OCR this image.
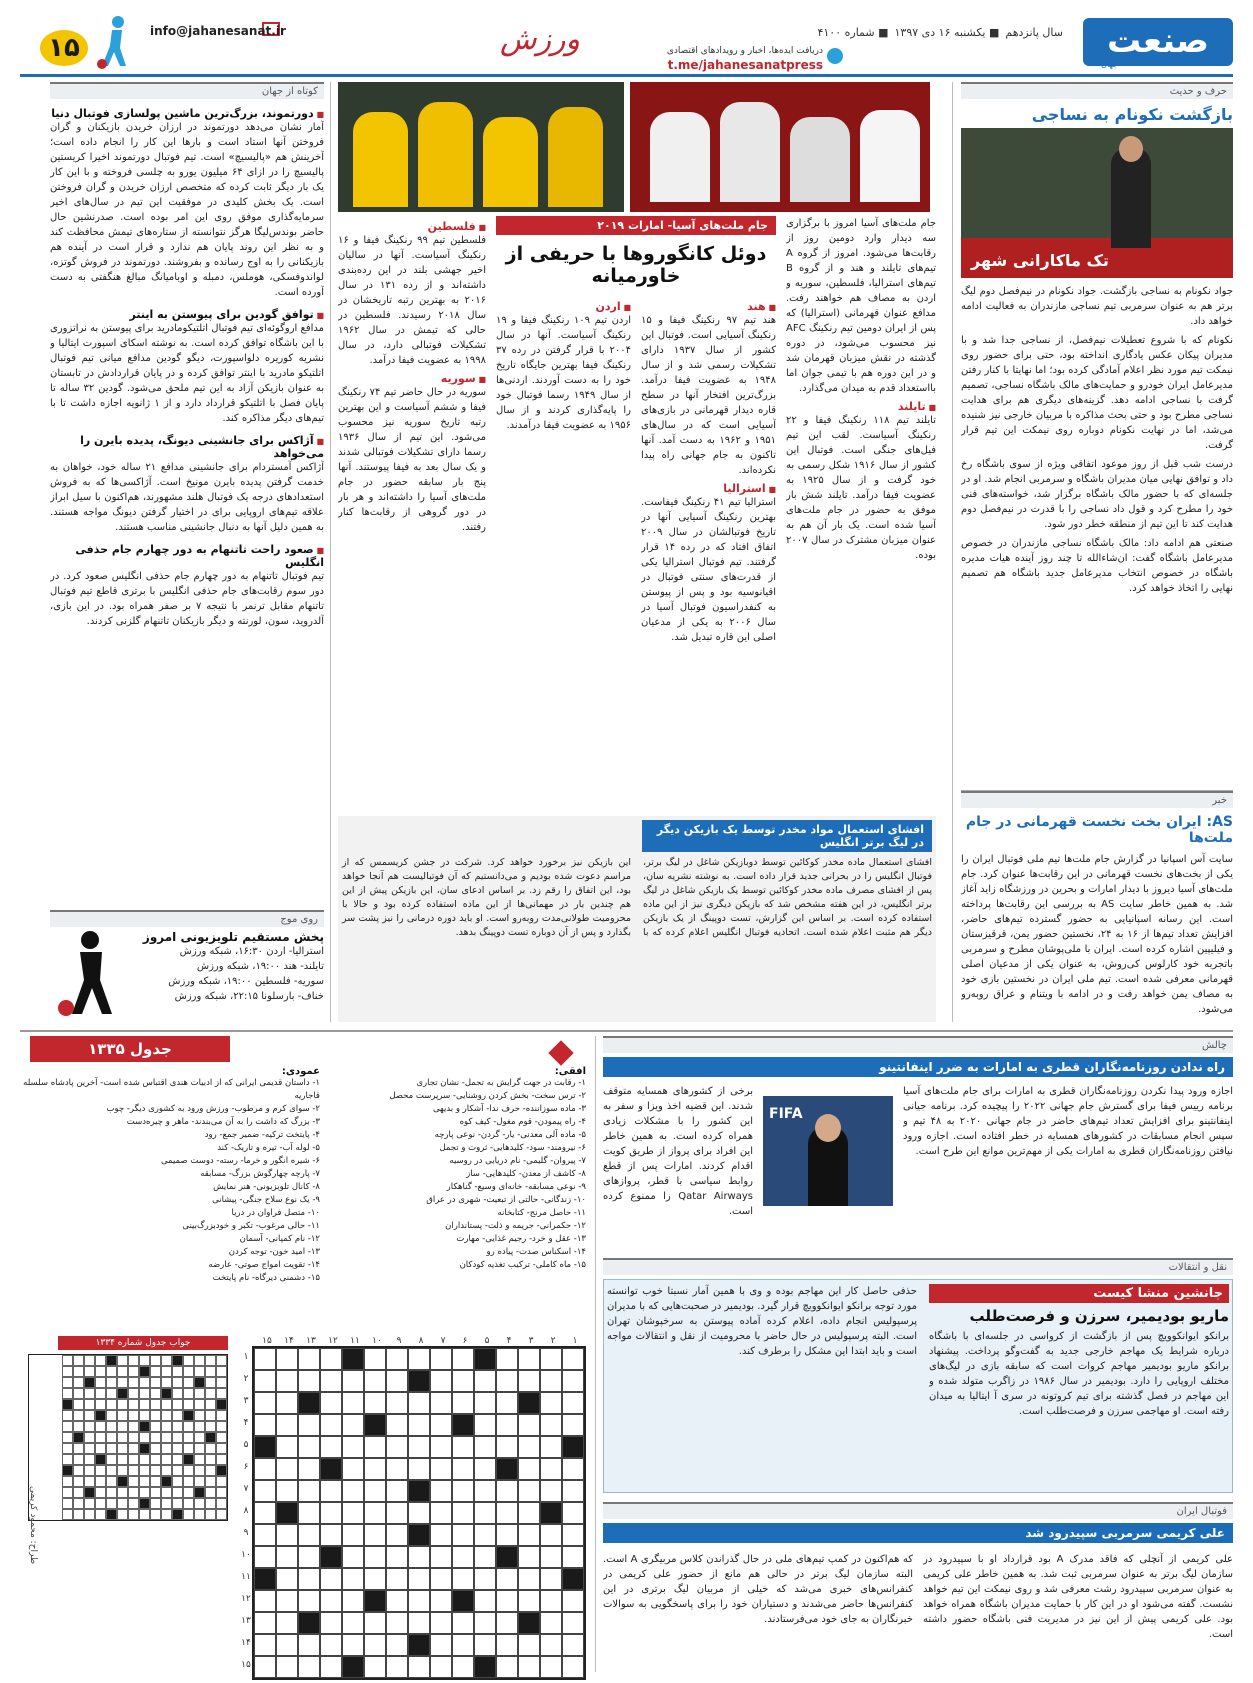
صنعت
جهان
سال پانزدهم■ یکشنبه ۱۶ دی ۱۳۹۷■ شماره ۴۱۰۰
دریافت ایده‌ها، اخبار و رویدادهای اقتصادی
t.me/jahanesanatpress
ورزش
info@jahanesanat.ir
۱۵
حرف و حدیث
بازگشت نکونام به نساجی
تک ماکارانی شهر
جواد نکونام به نساجی بازگشت. جواد نکونام در نیم‌فصل دوم لیگ برتر هم به عنوان سرمربی تیم نساجی مازندران به فعالیت ادامه خواهد داد.
نکونام که با شروع تعطیلات نیم‌فصل، از نساجی جدا شد و با مدیران پیکان عکس یادگاری انداخته بود، حتی برای حضور روی نیمکت تیم مورد نظر اعلام آمادگی کرده بود؛ اما نهایتا با کنار رفتن مدیرعامل ایران خودرو و حمایت‌های مالک باشگاه نساجی، تصمیم گرفت با نساجی ادامه دهد. گزینه‌های دیگری هم برای هدایت نساجی مطرح بود و حتی بحث مذاکره با مربیان خارجی نیز شنیده می‌شد، اما در نهایت نکونام دوباره روی نیمکت این تیم قرار گرفت.
درست شب قبل از روز موعود اتفاقی ویژه از سوی باشگاه رخ داد و توافق نهایی میان مدیران باشگاه و سرمربی انجام شد. او در جلسه‌ای که با حضور مالک باشگاه برگزار شد، خواسته‌های فنی خود را مطرح کرد و قول داد نساجی را با قدرت در نیم‌فصل دوم هدایت کند تا این تیم از منطقه خطر دور شود.
صنعتی هم ادامه داد: مالک باشگاه نساجی مازندران در خصوص مدیرعامل باشگاه گفت: ان‌شاءالله تا چند روز آینده هیات مدیره باشگاه در خصوص انتخاب مدیرعامل جدید باشگاه هم تصمیم نهایی را اتخاذ خواهد کرد.
خبر
AS: ایران بخت نخست قهرمانی در جام ملت‌ها
سایت آس اسپانیا در گزارش جام ملت‌ها تیم ملی فوتبال ایران را یکی از بخت‌های نخست قهرمانی در این رقابت‌ها عنوان کرد. جام ملت‌های آسیا دیروز با دیدار امارات و بحرین در ورزشگاه زاید آغاز شد. به همین خاطر سایت AS به بررسی این رقابت‌ها پرداخته است. این رسانه اسپانیایی به حضور گسترده تیم‌های حاضر، افزایش تعداد تیم‌ها از ۱۶ به ۲۴، نخستین حضور یمن، قرقیزستان و فیلیپین اشاره کرده است. ایران با ملی‌پوشان مطرح و سرمربی باتجربه خود کارلوس کی‌روش، به عنوان یکی از مدعیان اصلی قهرمانی معرفی شده است. تیم ملی ایران در نخستین بازی خود به مصاف یمن خواهد رفت و در ادامه با ویتنام و عراق روبه‌رو می‌شود.
جام ملت‌های آسیا امروز با برگزاری سه دیدار وارد دومین روز از رقابت‌ها می‌شود. امروز از گروه A تیم‌های تایلند و هند و از گروه B تیم‌های استرالیا، فلسطین، سوریه و اردن به مصاف هم خواهند رفت. مدافع عنوان قهرمانی (استرالیا) که پس از ایران دومین تیم رنکینگ AFC نیز محسوب می‌شود، در دوره گذشته در نقش میزبان قهرمان شد و در این دوره هم با تیمی جوان اما بااستعداد قدم به میدان می‌گذارد.
■ تایلند
تایلند تیم ۱۱۸ رنکینگ فیفا و ۲۲ رنکینگ آسیاست. لقب این تیم فیل‌های جنگی است. فوتبال این کشور از سال ۱۹۱۶ شکل رسمی به خود گرفت و از سال ۱۹۲۵ به عضویت فیفا درآمد. تایلند شش بار موفق به حضور در جام ملت‌های آسیا شده است. یک بار آن هم به عنوان میزبان مشترک در سال ۲۰۰۷ بوده.
جام ملت‌های آسیا- امارات ۲۰۱۹
دوئل کانگوروها با حریفی از خاورمیانه
■ هند
هند تیم ۹۷ رنکینگ فیفا و ۱۵ رنکینگ آسیایی است. فوتبال این کشور از سال ۱۹۳۷ دارای تشکیلات رسمی شد و از سال ۱۹۴۸ به عضویت فیفا درآمد. بزرگ‌ترین افتخار آنها در سطح قاره دیدار قهرمانی در بازی‌های آسیایی است که در سال‌های ۱۹۵۱ و ۱۹۶۲ به دست آمد. آنها تاکنون به جام جهانی راه پیدا نکرده‌اند.
■ استرالیا
استرالیا تیم ۴۱ رنکینگ فیفاست. بهترین رنکینگ آسیایی آنها در تاریخ فوتبالشان در سال ۲۰۰۹ اتفاق افتاد که در رده ۱۴ قرار گرفتند. تیم فوتبال استرالیا یکی از قدرت‌های سنتی فوتبال در اقیانوسیه بود و پس از پیوستن به کنفدراسیون فوتبال آسیا در سال ۲۰۰۶ به یکی از مدعیان اصلی این قاره تبدیل شد.
■ اردن
اردن تیم ۱۰۹ رنکینگ فیفا و ۱۹ رنکینگ آسیاست. آنها در سال ۲۰۰۴ با قرار گرفتن در رده ۳۷ رنکینگ فیفا بهترین جایگاه تاریخ خود را به دست آوردند. اردنی‌ها از سال ۱۹۴۹ رسما فوتبال خود را پایه‌گذاری کردند و از سال ۱۹۵۶ به عضویت فیفا درآمدند.
■ فلسطین
فلسطین تیم ۹۹ رنکینگ فیفا و ۱۶ رنکینگ آسیاست. آنها در سالیان اخیر جهشی بلند در این رده‌بندی داشته‌اند و از رده ۱۳۱ در سال ۲۰۱۶ به بهترین رتبه تاریخشان در سال ۲۰۱۸ رسیدند. فلسطین در حالی که تیمش در سال ۱۹۶۲ تشکیلات فوتبالی دارد، در سال ۱۹۹۸ به عضویت فیفا درآمد.
■ سوریه
سوریه در حال حاضر تیم ۷۴ رنکینگ فیفا و ششم آسیاست و این بهترین رتبه تاریخ سوریه نیز محسوب می‌شود. این تیم از سال ۱۹۳۶ رسما دارای تشکیلات فوتبالی شدند و یک سال بعد به فیفا پیوستند. آنها پنج بار سابقه حضور در جام ملت‌های آسیا را داشته‌اند و هر بار در دور گروهی از رقابت‌ها کنار رفتند.
افشای استعمال مواد مخدر توسط یک بازیکن دیگر در لیگ برتر انگلیس
افشای استعمال ماده مخدر کوکائین توسط دوبازیکن شاغل در لیگ برتر، فوتبال انگلیس را در بحرانی جدید قرار داده است. به نوشته نشریه سان، پس از افشای مصرف ماده مخدر کوکائین توسط یک بازیکن شاغل در لیگ برتر انگلیس، در این هفته مشخص شد که بازیکن دیگری نیز از این ماده استفاده کرده است. بر اساس این گزارش، تست دوپینگ از یک بازیکن دیگر هم مثبت اعلام شده است. اتحادیه فوتبال انگلیس اعلام کرده که با این بازیکن نیز برخورد خواهد کرد. شرکت در جشن کریسمس که از مراسم دعوت شده بودیم و می‌دانستیم که آن فوتبالیست هم آنجا خواهد بود، این اتفاق را رقم زد. بر اساس ادعای سان، این بازیکن پیش از این هم چندین بار در مهمانی‌ها از این ماده استفاده کرده بود و حالا با محرومیت طولانی‌مدت روبه‌رو است. او باید دوره درمانی را نیز پشت سر بگذارد و پس از آن دوباره تست دوپینگ بدهد.
کوتاه از جهان
■ دورتموند، بزرگ‌ترین ماشین پولسازی فوتبال دنیا
آمار نشان می‌دهد دورتموند در ارزان خریدن بازیکنان و گران فروختن آنها استاد است و بارها این کار را انجام داده است؛ آخرینش هم «پالیسیچ» است. تیم فوتبال دورتموند اخیرا کریستین پالیسیچ را در ازای ۶۴ میلیون یورو به چلسی فروخته و با این کار یک بار دیگر ثابت کرده که متخصص ارزان خریدن و گران فروختن است. یک بخش کلیدی در موفقیت این تیم در سال‌های اخیر سرمایه‌گذاری موفق روی این امر بوده است. صدرنشین حال حاضر بوندس‌لیگا هرگز نتوانسته از ستاره‌های تیمش محافظت کند و به نظر این روند پایان هم ندارد و قرار است در آینده هم بازیکنانی را به اوج رسانده و بفروشند. دورتموند در فروش گوتزه، لواندوفسکی، هوملس، دمبله و اوبامیانگ مبالغ هنگفتی به دست آورده است.
■ توافق گودین برای پیوستن به اینتر
مدافع اروگوئه‌ای تیم فوتبال اتلتیکومادرید برای پیوستن به نراتزوری با این باشگاه توافق کرده است. به نوشته اسکای اسپورت ایتالیا و نشریه کوریره دلواسپورت، دیگو گودین مدافع میانی تیم فوتبال اتلتیکو مادرید با اینتر توافق کرده و در پایان قراردادش در تابستان به عنوان بازیکن آزاد به این تیم ملحق می‌شود. گودین ۳۲ ساله تا پایان فصل با اتلتیکو قرارداد دارد و از ۱ ژانویه اجازه داشت تا با تیم‌های دیگر مذاکره کند.
■ آژاکس برای جانشینی دیونگ، پدیده بایرن را می‌خواهد
آژاکس آمستردام برای جانشینی مدافع ۲۱ ساله خود، خواهان به خدمت گرفتن پدیده بایرن مونیخ است. آژاکسی‌ها که به فروش استعدادهای درجه یک فوتبال هلند مشهورند، هم‌اکنون با سیل ابراز علاقه تیم‌های اروپایی برای در اختیار گرفتن دیونگ مواجه هستند. به همین دلیل آنها به دنبال جانشینی مناسب هستند.
■ صعود راحت تاتنهام به دور چهارم جام حذفی انگلیس
تیم فوتبال تاتنهام به دور چهارم جام حذفی انگلیس صعود کرد. در دور سوم رقابت‌های جام حذفی انگلیس با برتری قاطع تیم فوتبال تاتنهام مقابل ترنمر با نتیجه ۷ بر صفر همراه بود. در این بازی، آلدروید، سون، لورنته و دیگر بازیکنان تاتنهام گلزنی کردند.
روی موج
پخش مستقیم تلویزیونی امروز
استرالیا- اردن ۱۶:۳۰، شبکه ورزش
تایلند- هند ۱۹:۰۰، شبکه ورزش
سوریه- فلسطین ۱۹:۰۰، شبکه ورزش
خناف- بارسلونا ۲۲:۱۵، شبکه ورزش
چالش
راه ندادن روزنامه‌نگاران قطری به امارات به ضرر اینفانتینو
اجازه ورود پیدا نکردن روزنامه‌نگاران قطری به امارات برای جام ملت‌های آسیا برنامه رییس فیفا برای گسترش جام جهانی ۲۰۲۲ را پیچیده کرد. برنامه جیانی اینفانتینو برای افزایش تعداد تیم‌های حاضر در جام جهانی ۲۰۲۰ به ۴۸ تیم و سپس انجام مسابقات در کشورهای همسایه در خطر افتاده است. اجازه ورود نیافتن روزنامه‌نگاران قطری به امارات یکی از مهم‌ترین موانع این طرح است.
FIFA
برخی از کشورهای همسایه متوقف شدند. این قضیه اخذ ویزا و سفر به این کشور را با مشکلات زیادی همراه کرده است. به همین خاطر این افراد برای پرواز از طریق کویت اقدام کردند. امارات پس از قطع روابط سیاسی با قطر، پروازهای Qatar Airways را ممنوع کرده است.
نقل و انتقالات
جانشین منشا کیست
ماریو بودیمیر، سرزن و فرصت‌طلب
برانکو ایوانکوویچ پس از بازگشت از کرواسی در جلسه‌ای با باشگاه درباره شرایط یک مهاجم خارجی جدید به گفت‌وگو پرداخت. پیشنهاد برانکو ماریو بودیمیر مهاجم کروات است که سابقه بازی در لیگ‌های مختلف اروپایی را دارد. بودیمیر در سال ۱۹۸۶ در زاگرب متولد شده و این مهاجم در فصل گذشته برای تیم کروتونه در سری آ ایتالیا به میدان رفته است. او مهاجمی سرزن و فرصت‌طلب است.
حذفی حاصل کار این مهاجم بوده و وی با همین آمار نسبتا خوب توانسته مورد توجه برانکو ایوانکوویچ قرار گیرد. بودیمیر در صحبت‌هایی که با مدیران پرسپولیس انجام داده، اعلام کرده آماده پیوستن به سرخپوشان تهران است. البته پرسپولیس در حال حاضر با محرومیت از نقل و انتقالات مواجه است و باید ابتدا این مشکل را برطرف کند.
فوتبال ایران
علی کریمی سرمربی سپیدرود شد
علی کریمی از آنچلی که فاقد مدرک A بود قرارداد او با سپیدرود در سازمان لیگ برتر به عنوان سرمربی ثبت شد. به همین خاطر علی کریمی به عنوان سرمربی سپیدرود رشت معرفی شد و روی نیمکت این تیم خواهد نشست. گفته می‌شود او در این کار با حمایت مدیران باشگاه همراه خواهد بود. علی کریمی پیش از این نیز در مدیریت فنی باشگاه حضور داشته است.
که هم‌اکنون در کمپ تیم‌های ملی در حال گذراندن کلاس مربیگری A است. البته سازمان لیگ برتر در حالی هم مانع از حضور علی کریمی در کنفرانس‌های خبری می‌شد که خیلی از مربیان لیگ برتری در این کنفرانس‌ها حاضر می‌شدند و دستیاران خود را برای پاسخگویی به سوالات خبرنگاران به جای خود می‌فرستادند.
جدول ۱۳۳۵
افقی:
۱- رقابت در جهت گرایش به تجمل- نشان تجاری
۲- ترس سخت- بخش کردن روشنایی- سرپرست محصل
۳- ماده سوزاننده- حرف ندا- آشکار و بدیهی
۴- راه پیمودن- قوم مغول- کیف کوه
۵- ماده آلی معدنی- یار- گردن- نوعی پارچه
۶- نیرومند- سود- کلیدهایی- ثروت و تجمل
۷- پیروان- گلیمی- نام دریایی در روسیه
۸- کاشف از معدن- کلیدهایی- ساز
۹- نوعی مسابقه- خانه‌ای وسیع- گناهکار
۱۰- زندگانی- حالتی از تبعیت- شهری در عراق
۱۱- حاصل مرنج- کتابخانه
۱۲- حکمرانی- جریمه و ذلت- پستانداران
۱۳- عقل و خرد- رجیم غذایی- مهارت
۱۴- اسکناس صدت- پیاده رو
۱۵- ماه کاملی- ترکیب تغذیه کودکان
عمودی:
۱- داستان قدیمی ایرانی که از ادبیات هندی اقتباس شده است- آخرین پادشاه سلسله قاجاریه
۲- سوای کرم و مرطوب- ورزش ورود به کشوری دیگر- چوب
۳- بزرگ که داشت را به آن می‌بندند- ماهر و چیره‌دست
۴- پایتخت ترکیه- ضمیر جمع- رود
۵- لوله آب- تیره و تاریک- کند
۶- شیره انگور و خرما- رسته- دوست صمیمی
۷- پارچه چهارگوش بزرگ- مسابقه
۸- کانال تلویزیونی- هنر نمایش
۹- یک نوع سلاح جنگی- پیشانی
۱۰- متصل فراوان در دریا
۱۱- حالی مرغوب- تکبر و خودبزرگ‌بینی
۱۲- نام کمپانی- آسمان
۱۳- امید خون- توجه کردن
۱۴- تقویت امواج صوتی- عارضه
۱۵- دشمنی دیرگاه- نام پایتخت
جواب جدول شماره ۱۳۳۴
طراح: محمود کریمی
۱
۲
۳
۴
۵
۶
۷
۸
۹
۱۰
۱۱
۱۲
۱۳
۱۴
۱۵
۱
۲
۳
۴
۵
۶
۷
۸
۹
۱۰
۱۱
۱۲
۱۳
۱۴
۱۵
